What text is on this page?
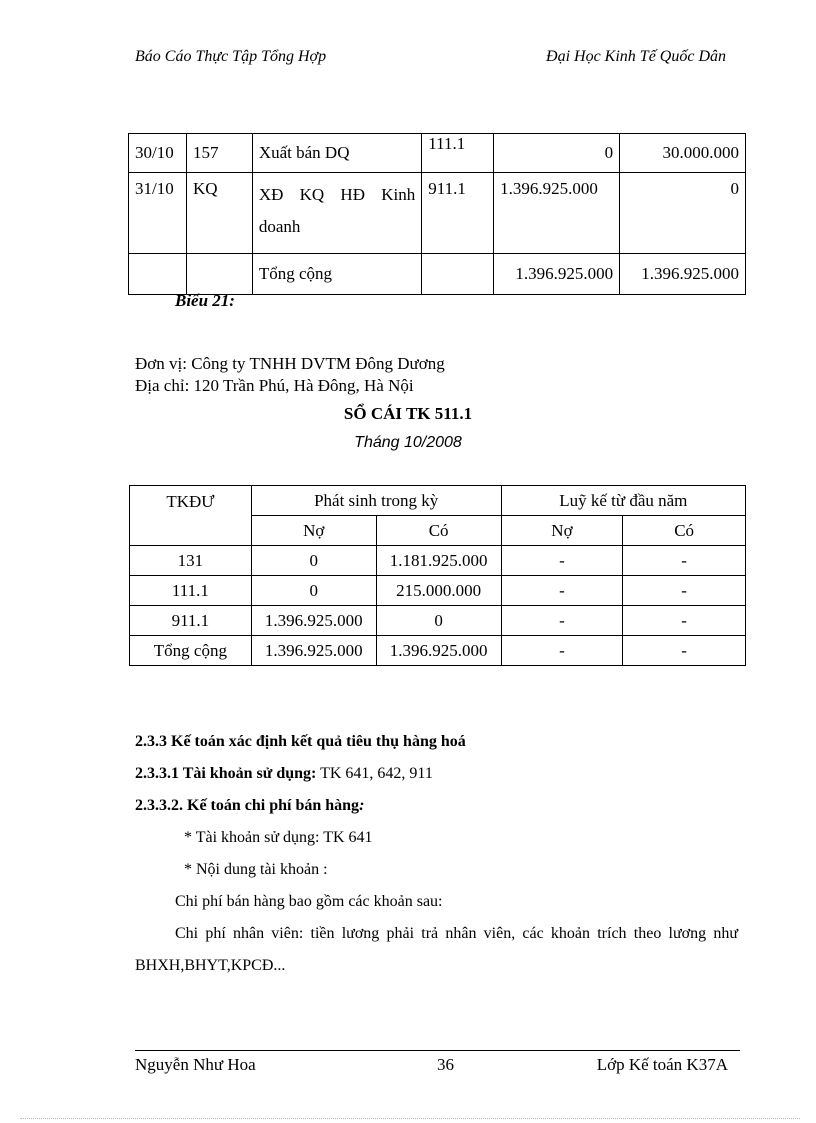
Báo Cáo Thực Tập Tổng Hợp	Đại Học Kinh Tế Quốc Dân
30/10	157	Xuất bán DQ	111.1	0	30.000.000
31/10	KQ	XĐ KQ HĐ Kinh doanh	911.1	1.396.925.000	0
		Tổng cộng		1.396.925.000	1.396.925.000
Biểu 21:
Đơn vị: Công ty TNHH DVTM Đông Dương
Địa chỉ: 120 Trần Phú, Hà Đông, Hà Nội
SỔ CÁI TK 511.1
Tháng 10/2008
TKĐƯ	Phát sinh trong kỳ		Luỹ kế từ đầu năm	
	Nợ	Có	Nợ	Có
131	0	1.181.925.000	-	-
111.1	0	215.000.000	-	-
911.1	1.396.925.000	0	-	-
Tổng cộng	1.396.925.000	1.396.925.000	-	-
2.3.3 Kế toán xác định kết quả tiêu thụ hàng hoá
2.3.3.1 Tài khoản sử dụng: TK 641, 642, 911
2.3.3.2. Kế toán chi phí bán hàng:
* Tài khoản sử dụng: TK 641
* Nội dung tài khoản :
Chi phí bán hàng bao gồm các khoản sau:
Chi phí nhân viên: tiền lương phải trả nhân viên, các khoản trích theo lương như BHXH,BHYT,KPCĐ...
Nguyễn Như Hoa	36	Lớp Kế toán K37A
